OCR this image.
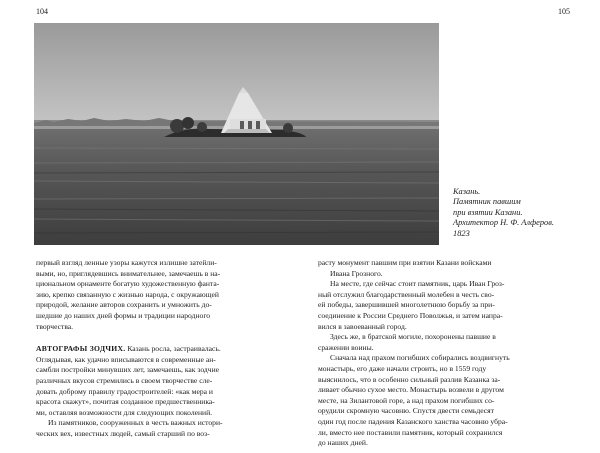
104	105
Казань.
Памятник павшим
при взятии Казани.
Архитектор Н. Ф. Алферов.
1823

первый взгляд ленные узоры кажутся излишне затейли-
выми, но, приглядевшись внимательнее, замечаешь в на-
циональном орнаменте богатую художественную фанта-
зию, крепко связанную с жизнью народа, с окружающей
природой, желание авторов сохранить и умножить до-
шедшие до наших дней формы и традиции народного
творчества.

АВТОГРАФЫ ЗОДЧИХ. Казань росла, застраивалась.
Оглядывая, как удачно вписываются в современные ан-
самбли постройки минувших лет, замечаешь, как зодчие
различных вкусов стремились в своем творчестве сле-
довать доброму правилу градостроителей: «как мера и
красота скажут», почитая созданное предшественника-
ми, оставляя возможности для следующих поколений.

Из памятников, сооруженных в честь важных истори-
ческих вех, известных людей, самый старший по воз-

расту монумент павшим при взятии Казани войсками
Ивана Грозного.

На месте, где сейчас стоит памятник, царь Иван Гроз-
ный отслужил благодарственный молебен в честь сво-
ей победы, завершившей многолетнюю борьбу за при-
соединение к России Среднего Поволжья, и затем напра-
вился в завоеванный город.

Здесь же, в братской могиле, похоронены павшие в
сражении воины.

Сначала над прахом погибших собирались воздвигнуть
монастырь, его даже начали строить, но в 1559 году
выяснилось, что в особенно сильный разлив Казанка за-
ливает обычно сухое место. Монастырь возвели в другом
месте, на Зилантовой горе, а над прахом погибших со-
орудили скромную часовню. Спустя двести семьдесят
один год после падения Казанского ханства часовню убра-
ли, вместо нее поставили памятник, который сохранился
до наших дней.
